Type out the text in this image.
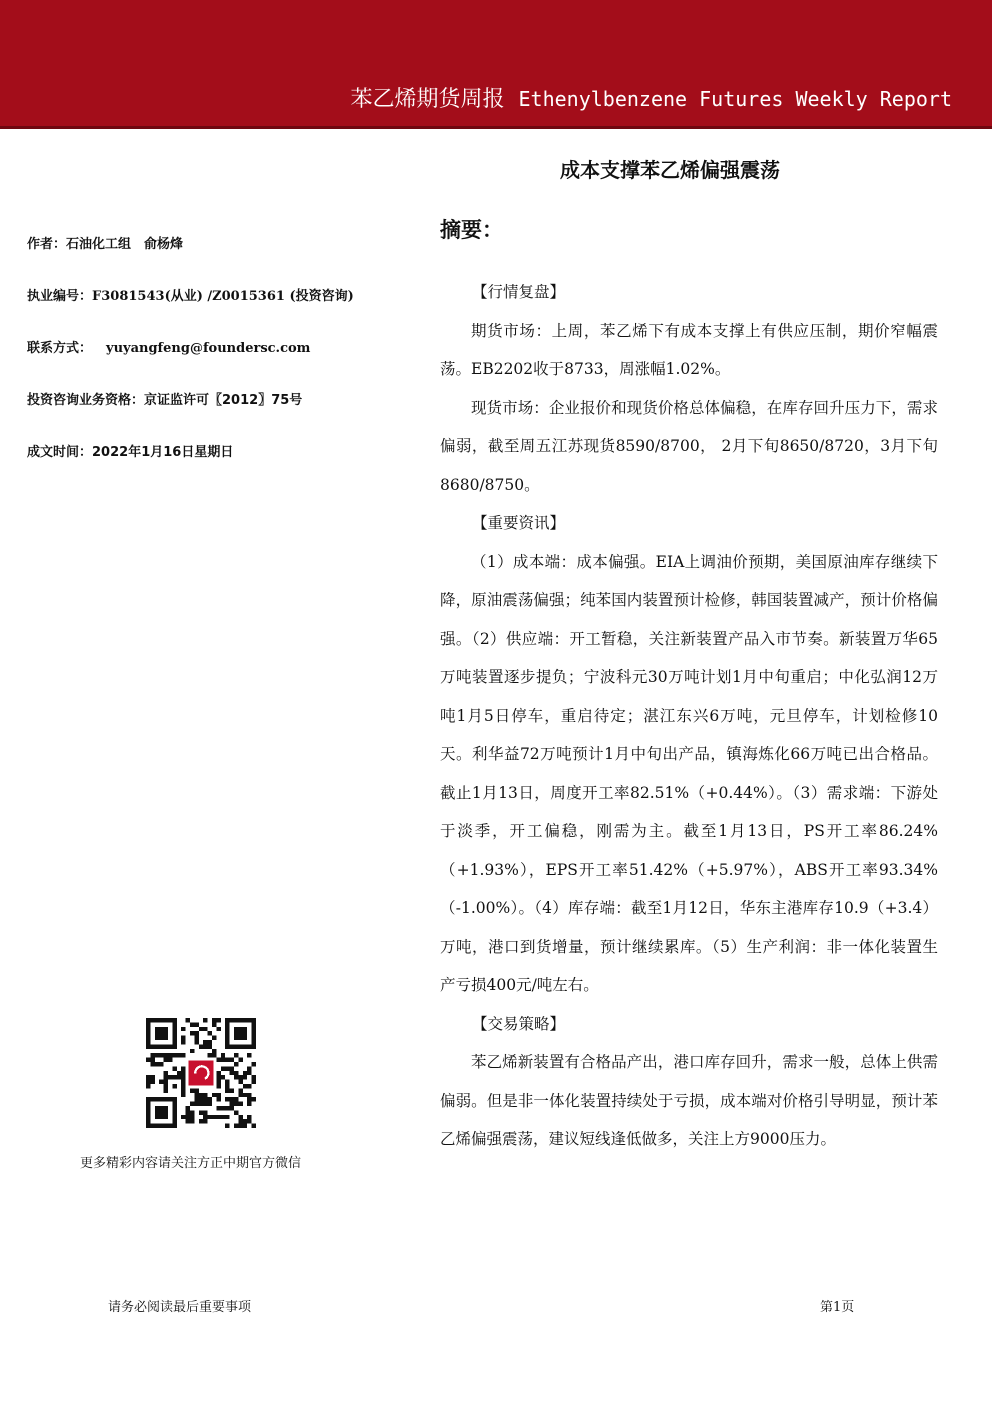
苯乙烯期货周报 Ethenylbenzene Futures Weekly Report
成本支撑苯乙烯偏强震荡
摘要：
作者：石油化工组　俞杨烽
执业编号：F3081543(从业) /Z0015361 (投资咨询)
联系方式： yuyangfeng@foundersc.com
投资咨询业务资格：京证监许可〖2012〗75号
成文时间：2022年1月16日星期日
【行情复盘】

期货市场：上周，苯乙烯下有成本支撑上有供应压制，期价窄幅震荡。EB2202收于8733，周涨幅1.02%。

现货市场：企业报价和现货价格总体偏稳，在库存回升压力下，需求偏弱，截至周五江苏现货8590/8700， 2月下旬8650/8720，3月下旬8680/8750。

【重要资讯】

（1）成本端：成本偏强。EIA上调油价预期，美国原油库存继续下降，原油震荡偏强；纯苯国内装置预计检修，韩国装置减产，预计价格偏强。（2）供应端：开工暂稳，关注新装置产品入市节奏。新装置万华65万吨装置逐步提负；宁波科元30万吨计划1月中旬重启；中化弘润12万吨1月5日停车，重启待定；湛江东兴6万吨，元旦停车，计划检修10天。利华益72万吨预计1月中旬出产品，镇海炼化66万吨已出合格品。截止1月13日，周度开工率82.51%（+0.44%）。（3）需求端：下游处于淡季，开工偏稳，刚需为主。截至1月13日，PS开工率86.24%（+1.93%），EPS开工率51.42%（+5.97%），ABS开工率93.34%（-1.00%）。（4）库存端：截至1月12日，华东主港库存10.9（+3.4）万吨，港口到货增量，预计继续累库。（5）生产利润：非一体化装置生产亏损400元/吨左右。

【交易策略】

苯乙烯新装置有合格品产出，港口库存回升，需求一般，总体上供需偏弱。但是非一体化装置持续处于亏损，成本端对价格引导明显，预计苯乙烯偏强震荡，建议短线逢低做多，关注上方9000压力。

更多精彩内容请关注方正中期官方微信
请务必阅读最后重要事项	第1页
